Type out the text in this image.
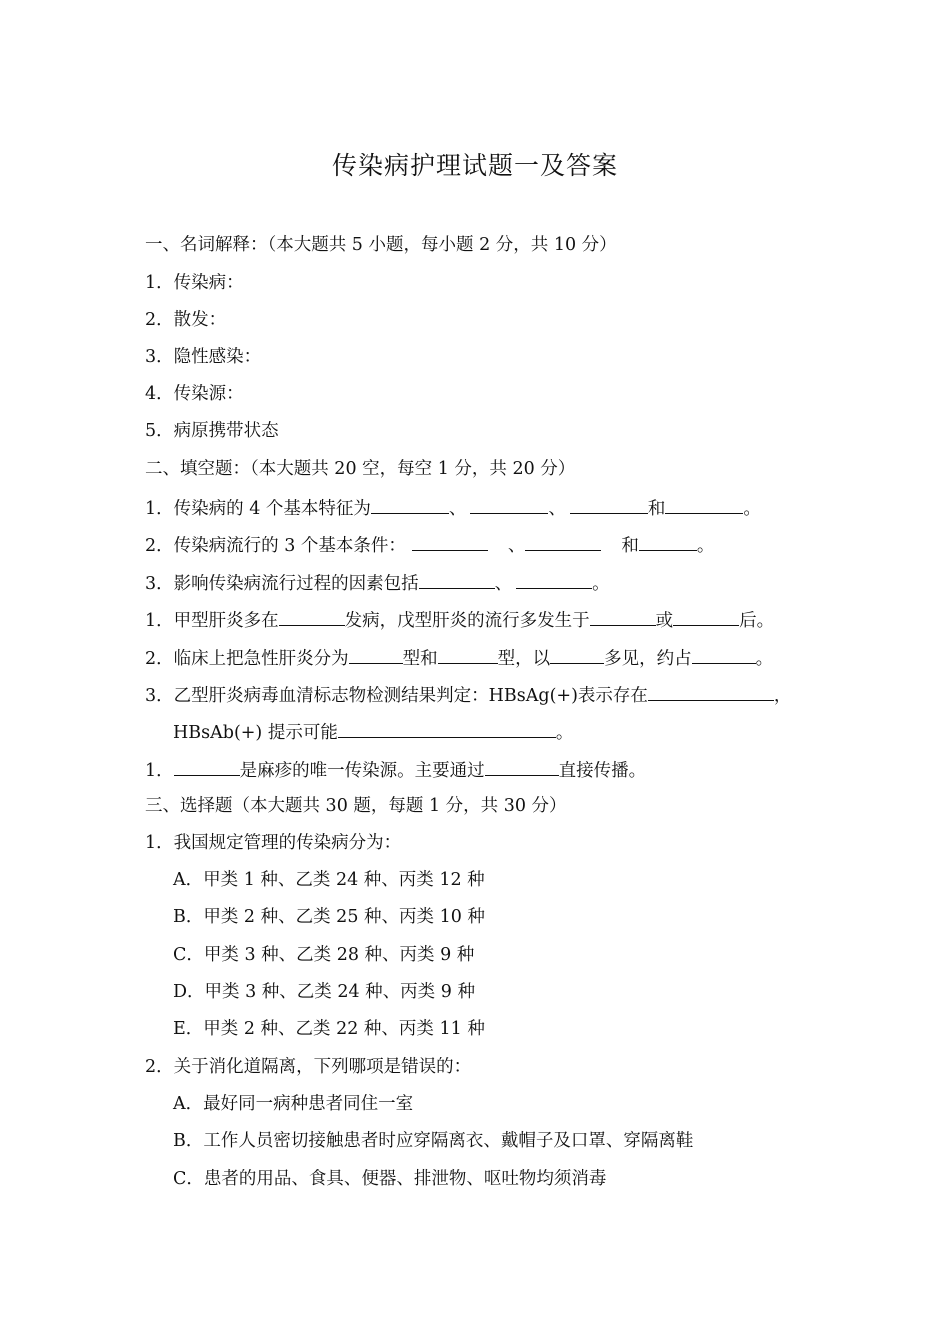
传染病护理试题一及答案
一、名词解释：（本大题共 5 小题，每小题 2 分，共 10 分）
1．传染病：
2．散发：
3．隐性感染：
4．传染源：
5．病原携带状态
二、填空题：（本大题共 20 空，每空 1 分，共 20 分）
1．传染病的 4 个基本特征为	、	、	和	。
2．传染病流行的 3 个基本条件：	、	和	。
3．影响传染病流行过程的因素包括	、	。
1．甲型肝炎多在	发病，戊型肝炎的流行多发生于	或	后。
2．临床上把急性肝炎分为	型和	型，以	多见，约占	。
3．乙型肝炎病毒血清标志物检测结果判定：HBsAg(+)表示存在	，
HBsAb(+) 提示可能	。
1．	是麻疹的唯一传染源。主要通过	直接传播。
三、选择题（本大题共 30 题，每题 1 分，共 30 分）
1．我国规定管理的传染病分为：
A．甲类 1 种、乙类 24 种、丙类 12 种
B．甲类 2 种、乙类 25 种、丙类 10 种
C．甲类 3 种、乙类 28 种、丙类 9 种
D．甲类 3 种、乙类 24 种、丙类 9 种
E．甲类 2 种、乙类 22 种、丙类 11 种
2．关于消化道隔离，下列哪项是错误的：
A．最好同一病种患者同住一室
B．工作人员密切接触患者时应穿隔离衣、戴帽子及口罩、穿隔离鞋
C．患者的用品、食具、便器、排泄物、呕吐物均须消毒
